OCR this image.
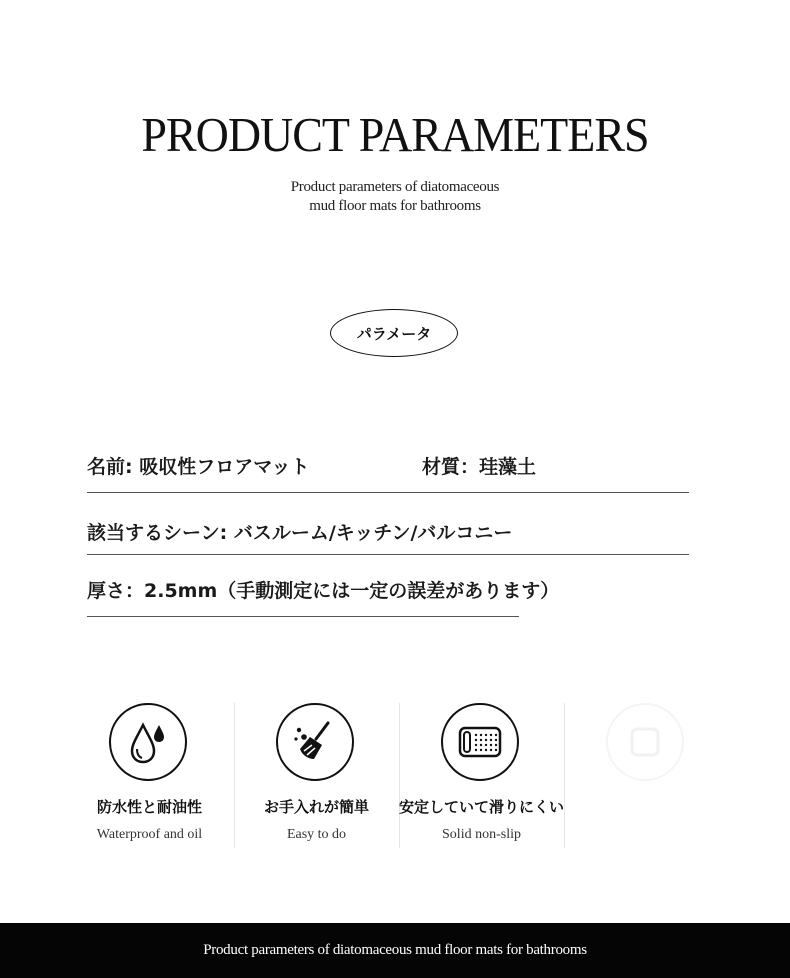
PRODUCT PARAMETERS
Product parameters of diatomaceous
mud floor mats for bathrooms
パラメータ
名前: 吸収性フロアマット	材質：珪藻土
該当するシーン: バスルーム/キッチン/バルコニー
厚さ：2.5mm（手動測定には一定の誤差があります）
防水性と耐油性
Waterproof and oil
お手入れが簡単
Easy to do
安定していて滑りにくい
Solid non-slip
Product parameters of diatomaceous mud floor mats for bathrooms
